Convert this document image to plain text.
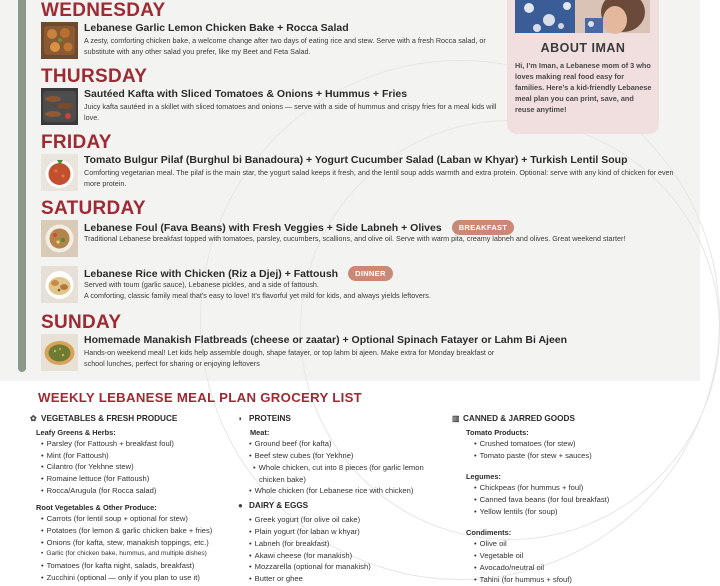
WEDNESDAY
Lebanese Garlic Lemon Chicken Bake + Rocca Salad
A zesty, comforting chicken bake, a welcome change after two days of eating rice and stew. Serve with a fresh Rocca salad, or substitute with any other salad you prefer, like my Beet and Feta Salad.
THURSDAY
Sautéed Kafta with Sliced Tomatoes & Onions + Hummus + Fries
Juicy kafta sautéed in a skillet with sliced tomatoes and onions — serve with a side of hummus and crispy fries for a meal kids will love.
FRIDAY
Tomato Bulgur Pilaf (Burghul bi Banadoura) + Yogurt Cucumber Salad (Laban w Khyar) + Turkish Lentil Soup
Comforting vegetarian meal. The pilaf is the main star, the yogurt salad keeps it fresh, and the lentil soup adds warmth and extra protein. Optional: serve with any kind of chicken for even more protein.
SATURDAY
Lebanese Foul (Fava Beans) with Fresh Veggies + Side Labneh + Olives BREAKFAST
Traditional Lebanese breakfast topped with tomatoes, parsley, cucumbers, scallions, and olive oil. Serve with warm pita, creamy labneh and olives. Great weekend starter!
Lebanese Rice with Chicken (Riz a Djej) + Fattoush DINNER
Served with toum (garlic sauce), Lebanese pickles, and a side of fattoush.
A comforting, classic family meal that’s easy to love! It’s flavorful yet mild for kids, and always yields leftovers.
SUNDAY
Homemade Manakish Flatbreads (cheese or zaatar) + Optional Spinach Fatayer or Lahm Bi Ajeen
Hands-on weekend meal! Let kids help assemble dough, shape fatayer, or top lahm bi ajeen. Make extra for Monday breakfast or school lunches, perfect for sharing or enjoying leftovers
ABOUT IMAN
Hi, I’m Iman, a Lebanese mom of 3 who loves making real food easy for families. Here’s a kid-friendly Lebanese meal plan you can print, save, and reuse anytime!
WEEKLY LEBANESE MEAL PLAN GROCERY LIST
✿ VEGETABLES & FRESH PRODUCE
Leafy Greens & Herbs:
• Parsley (for Fattoush + breakfast foul)
• Mint (for Fattoush)
• Cilantro (for Yekhne stew)
• Romaine lettuce (for Fattoush)
• Rocca/Arugula (for Rocca salad)
Root Vegetables & Other Produce:
• Carrots (for lentil soup + optional for stew)
• Potatoes (for lemon & garlic chicken bake + fries)
• Onions (for kafta, stew, manakish toppings, etc.)
• Garlic (for chicken bake, hummus, and multiple dishes)
• Tomatoes (for kafta night, salads, breakfast)
• Zucchini (optional — only if you plan to use it)
◗ PROTEINS
Meat:
• Ground beef (for kafta)
• Beef stew cubes (for Yekhne)
• Whole chicken, cut into 8 pieces (for garlic lemon chicken bake)
• Whole chicken (for Lebanese rice with chicken)
● DAIRY & EGGS
• Greek yogurt (for olive oil cake)
• Plain yogurt (for laban w khyar)
• Labneh (for breakfast)
• Akawi cheese (for manakish)
• Mozzarella (optional for manakish)
• Butter or ghee
▥ CANNED & JARRED GOODS
Tomato Products:
• Crushed tomatoes (for stew)
• Tomato paste (for stew + sauces)
Legumes:
• Chickpeas (for hummus + foul)
• Canned fava beans (for foul breakfast)
• Yellow lentils (for soup)
Condiments:
• Olive oil
• Vegetable oil
• Avocado/neutral oil
• Tahini (for hummus + sfouf)
